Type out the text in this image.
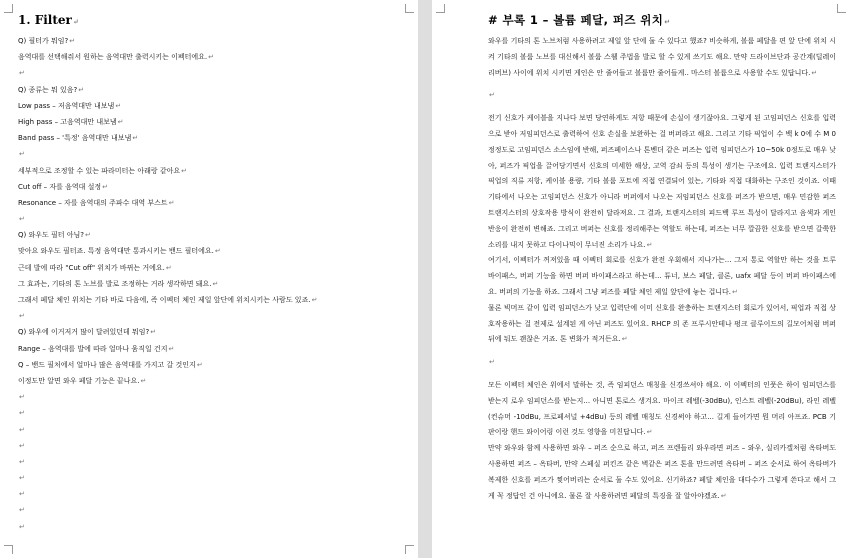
1. Filter↵
Q) 필터가 뭐임?↵
음역대를 선택해줘서 원하는 음역대만 출력시키는 이펙터에요.↵
↵
Q) 종류는 뭐 있음?↵
Low pass – 저음역대만 내보냄↵
High pass – 고음역대만 내보냄↵
Band pass – '특정' 음역대만 내보냄↵
↵
세부적으로 조정할 수 있는 파라미터는 아래랑 같아요↵
Cut off – 자를 음역대 설정↵
Resonance – 자를 음역대의 주파수 대역 부스트↵
↵
Q) 와우도 필터 아님?↵
맞아요 와우도 필터죠. 특정 음역대만 통과시키는 밴드 필터에요.↵
근데 발에 따라 "Cut off" 위치가 바뀌는 거에요.↵
그 효과는, 기타의 톤 노브를 발로 조정하는 거라 생각하면 돼요.↵
그래서 페달 체인 위치는 기타 바로 다음에, 즉 이펙터 체인 제일 앞단에 위치시키는 사람도 있죠.↵
↵
Q) 와우에 이거저거 많이 달려있던데 뭐임?↵
Range – 음역대를 발에 따라 얼마나 움직일 건지↵
Q – 밴드 필처에서 얼마나 많은 음역대를 가지고 갈 것인지↵
이정도만 알면 와우 페달 기능은 끝나요.↵
↵
↵
↵
↵
↵
↵
↵
↵
↵
# 부록 1 – 볼륨 페달, 퍼즈 위치↵

와우를 기타의 톤 노브처럼 사용하려고 제일 앞 단에 둘 수 있다고 했죠? 비슷하게, 볼륨 페달을 편 앞 단에 위치 시켜 기타의 볼륨 노브를 대신해서 볼륨 스웰 주법을 발로 할 수 있게 쓰기도 해요. 만약 드라이브단과 공간계(딜레이 리버브) 사이에 위치 시키면 게인은 안 줄어들고 볼륨만 줄어들게.. 마스터 볼륨으로 사용할 수도 있답니다.↵

↵

전기 신호가 케이블을 지나다 보면 당연하게도 저항 때문에 손실이 생기잖아요. 그렇게 된 고임피던스 신호를 입력으로 받아 저임피던스로 출력하여 신호 손실을 보완하는 걸 버퍼라고 해요. 그리고 기타 픽업이 수 백 k 0에 수 M 0정정도로 고임피던스 소스임에 반해, 퍼즈페이스나 톤벤더 같은 퍼즈는 입력 임피던스가 10~50k 0정도로 매우 낮아, 퍼즈가 픽업을 끌어당기면서 신호의 미세한 해상, 고역 감쇠 등의 특성이 생기는 구조에요. 입력 트랜지스터가 픽업의 직류 저항, 케이블 용량, 기타 볼륨 포트에 직접 연결되어 있는, 기타와 직접 대화하는 구조인 것이죠. 이때 기타에서 나오는 고임피던스 신호가 아니라 버퍼에서 나오는 저임피던스 신호를 퍼즈가 받으면, 매우 민감한 퍼즈 트랜지스터의 상호작용 방식이 완전히 달라져요. 그 결과, 트랜지스터의 피드백 루프 특성이 달라지고 음색과 게인 반응이 완전히 변해죠. 그리고 버퍼는 신호를 정리해주는 역할도 하는데, 퍼즈는 너무 깔끔한 신호를 받으면 갈쭉한 소리를 내지 못하고 다이나믹이 무너진 소리가 나요.↵

여기서, 이펙터가 꺼져있을 때 이펙터 회로를 신호가 완전 우회해서 지나가는... 그저 통로 역할만 하는 것을 트루 바이패스, 버퍼 기능을 하면 버퍼 바이패스라고 하는데... 튜너, 보스 페달, 클론, uafx 페달 등이 버퍼 바이패스에요. 버퍼의 기능을 하죠. 그래서 그냥 퍼즈를 페달 체인 제일 앞단에 놓는 겁니다.↵

물론 빅머프 같이 입력 임피던스가 낮고 입력단에 이미 신호를 완충하는 트랜지스터 회로가 있어서, 픽업과 직접 상호작용하는 걸 전제로 설계된 게 아닌 퍼즈도 있어요. RHCP 의 존 프루시안테나 펑크 클루이드의 길모어처럼 버퍼 뒤에 둬도 괜찮은 거죠. 톤 변화가 적거든요.↵

↵

모든 이펙터 체인은 위에서 말하는 것, 즉 임피던스 매칭을 신경쓰셔야 해요. 이 이펙터의 인풋은 하이 임피던스를 받는지 로우 임피던스를 받는지... 아니면 톤로스 생겨요. 마이크 레벨(-30dBu), 인스트 레벨(-20dBu), 라인 레벨(컨슈머 -10dBu, 프로페셔널 +4dBu) 등의 레벨 매칭도 신경써야 하고... 길게 들어가면 뭔 머리 아프죠. PCB 기판이랑 핸드 와이어링 이런 것도 영향을 미친답니다.↵

만약 와우와 함께 사용하면 와우 – 퍼즈 순으로 하고, 퍼즈 프렌들리 와우라면 퍼즈 – 와우, 실리카겔처럼 옥타버도 사용하면 퍼즈 – 옥타버, 만약 스페실 퍼킨즈 같은 벽같은 퍼즈 톤을 만드려면 옥타버 – 퍼즈 순서로 하여 옥타버가 복제한 신호를 퍼즈가 찢어버리는 순서로 둘 수도 있어요. 신기하죠? 페달 체인을 대다수가 그렇게 쓴다고 해서 그게 꼭 정답인 건 아니에요. 물론 잘 사용하려면 페달의 특징을 잘 알아야겠죠.↵
